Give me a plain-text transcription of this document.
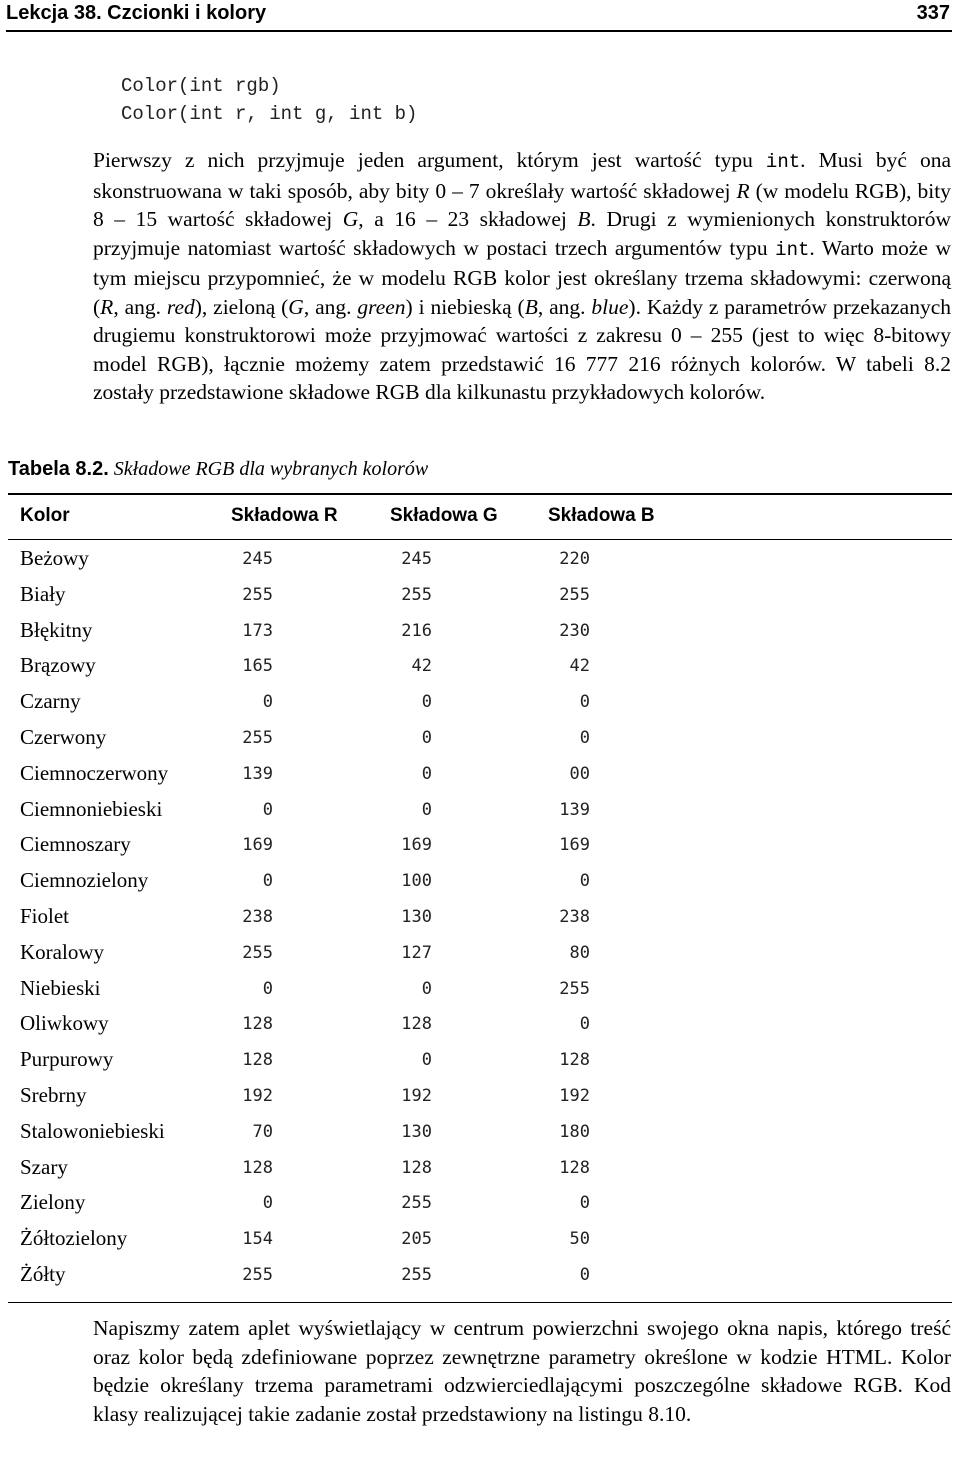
Lekcja 38. Czcionki i kolory	337
Color(int rgb)
Color(int r, int g, int b)
Pierwszy z nich przyjmuje jeden argument, którym jest wartość typu int. Musi być ona skonstruowana w taki sposób, aby bity 0 – 7 określały wartość składowej R (w modelu RGB), bity 8 – 15 wartość składowej G, a 16 – 23 składowej B. Drugi z wymienionych konstruktorów przyjmuje natomiast wartość składowych w postaci trzech argumentów typu int. Warto może w tym miejscu przypomnieć, że w modelu RGB kolor jest określany trzema składowymi: czerwoną (R, ang. red), zieloną (G, ang. green) i niebieską (B, ang. blue). Każdy z parametrów przekazanych drugiemu konstruktorowi może przyjmować wartości z zakresu 0 – 255 (jest to więc 8-bitowy model RGB), łącznie możemy zatem przedstawić 16 777 216 różnych kolorów. W tabeli 8.2 zostały przedstawione składowe RGB dla kilkunastu przykładowych kolorów.
Tabela 8.2. Składowe RGB dla wybranych kolorów
Kolor	Składowa R	Składowa G	Składowa B
Beżowy	245	245	220
Biały	255	255	255
Błękitny	173	216	230
Brązowy	165	42	42
Czarny	0	0	0
Czerwony	255	0	0
Ciemnoczerwony	139	0	00
Ciemnoniebieski	0	0	139
Ciemnoszary	169	169	169
Ciemnozielony	0	100	0
Fiolet	238	130	238
Koralowy	255	127	80
Niebieski	0	0	255
Oliwkowy	128	128	0
Purpurowy	128	0	128
Srebrny	192	192	192
Stalowoniebieski	70	130	180
Szary	128	128	128
Zielony	0	255	0
Żółtozielony	154	205	50
Żółty	255	255	0
Napiszmy zatem aplet wyświetlający w centrum powierzchni swojego okna napis, którego treść oraz kolor będą zdefiniowane poprzez zewnętrzne parametry określone w kodzie HTML. Kolor będzie określany trzema parametrami odzwierciedlającymi poszczególne składowe RGB. Kod klasy realizującej takie zadanie został przedstawiony na listingu 8.10.
